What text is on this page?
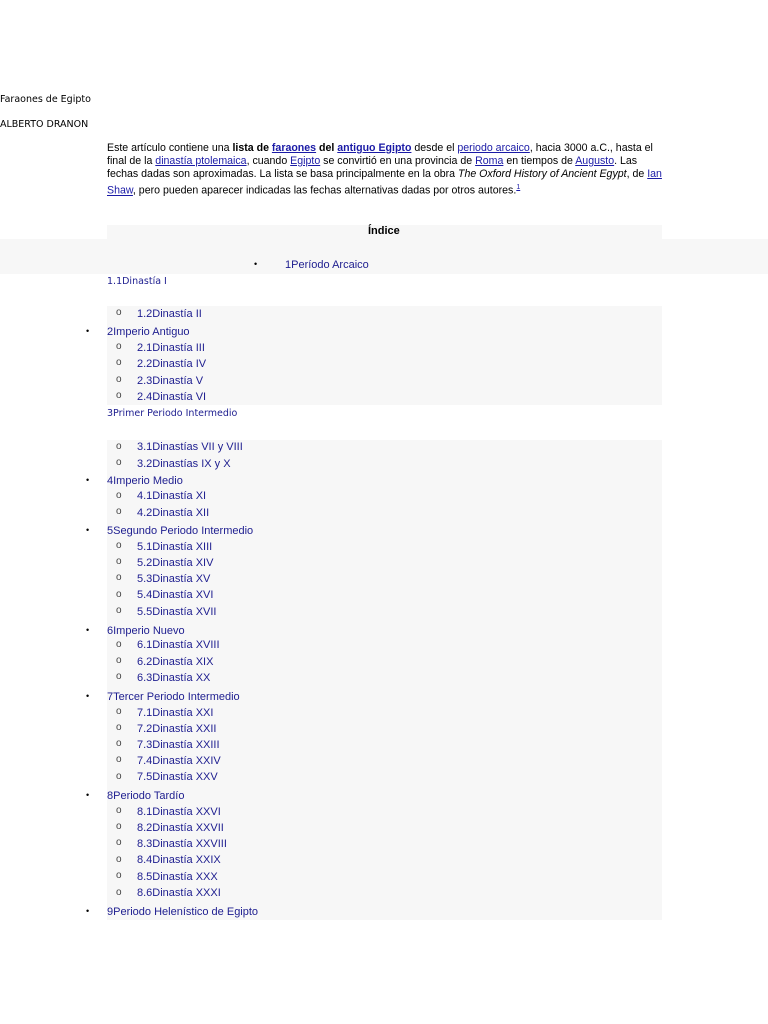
Faraones de Egipto
ALBERTO DRANON
Este artículo contiene una lista de faraones del antiguo Egipto desde el periodo arcaico, hacia 3000 a.C., hasta el final de la dinastía ptolemaica, cuando Egipto se convirtió en una provincia de Roma en tiempos de Augusto. Las fechas dadas son aproximadas. La lista se basa principalmente en la obra The Oxford History of Ancient Egypt, de Ian Shaw, pero pueden aparecer indicadas las fechas alternativas dadas por otros autores.$^1$
Índice
•	1Período Arcaico
1.1Dinastía I
o 1.2Dinastía II
• 2Imperio Antiguo
o 2.1Dinastía III
o 2.2Dinastía IV
o 2.3Dinastía V
o 2.4Dinastía VI
3Primer Periodo Intermedio
o 3.1Dinastías VII y VIII
o 3.2Dinastías IX y X
• 4Imperio Medio
o 4.1Dinastía XI
o 4.2Dinastía XII
• 5Segundo Periodo Intermedio
o 5.1Dinastía XIII
o 5.2Dinastía XIV
o 5.3Dinastía XV
o 5.4Dinastía XVI
o 5.5Dinastía XVII
• 6Imperio Nuevo
o 6.1Dinastía XVIII
o 6.2Dinastía XIX
o 6.3Dinastía XX
• 7Tercer Periodo Intermedio
o 7.1Dinastía XXI
o 7.2Dinastía XXII
o 7.3Dinastía XXIII
o 7.4Dinastía XXIV
o 7.5Dinastía XXV
• 8Periodo Tardío
o 8.1Dinastía XXVI
o 8.2Dinastía XXVII
o 8.3Dinastía XXVIII
o 8.4Dinastía XXIX
o 8.5Dinastía XXX
o 8.6Dinastía XXXI
• 9Periodo Helenístico de Egipto
